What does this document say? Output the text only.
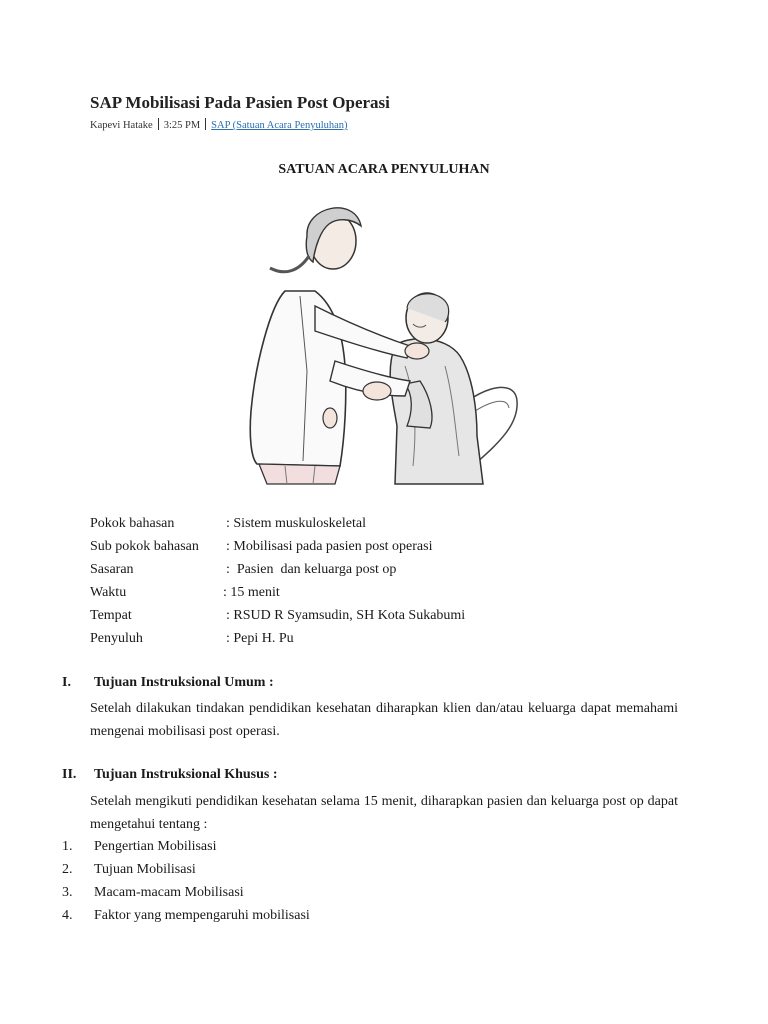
SAP Mobilisasi Pada Pasien Post Operasi
Kapevi Hatake 3:25 PM SAP (Satuan Acara Penyuluhan)
SATUAN ACARA PENYULUHAN
Pokok bahasan	: Sistem muskuloskeletal
Sub pokok bahasan	: Mobilisasi pada pasien post operasi
Sasaran	:  Pasien  dan keluarga post op
Waktu	: 15 menit
Tempat	: RSUD R Syamsudin, SH Kota Sukabumi
Penyuluh	: Pepi H. Pu
I. Tujuan Instruksional Umum :

Setelah dilakukan tindakan pendidikan kesehatan diharapkan klien dan/atau keluarga dapat memahami mengenai mobilisasi post operasi.

II. Tujuan Instruksional Khusus :

Setelah mengikuti pendidikan kesehatan selama 15 menit, diharapkan pasien dan keluarga post op dapat mengetahui tentang :

1.	Pengertian Mobilisasi
2.	Tujuan Mobilisasi
3.	Macam-macam Mobilisasi
4.	Faktor yang mempengaruhi mobilisasi
